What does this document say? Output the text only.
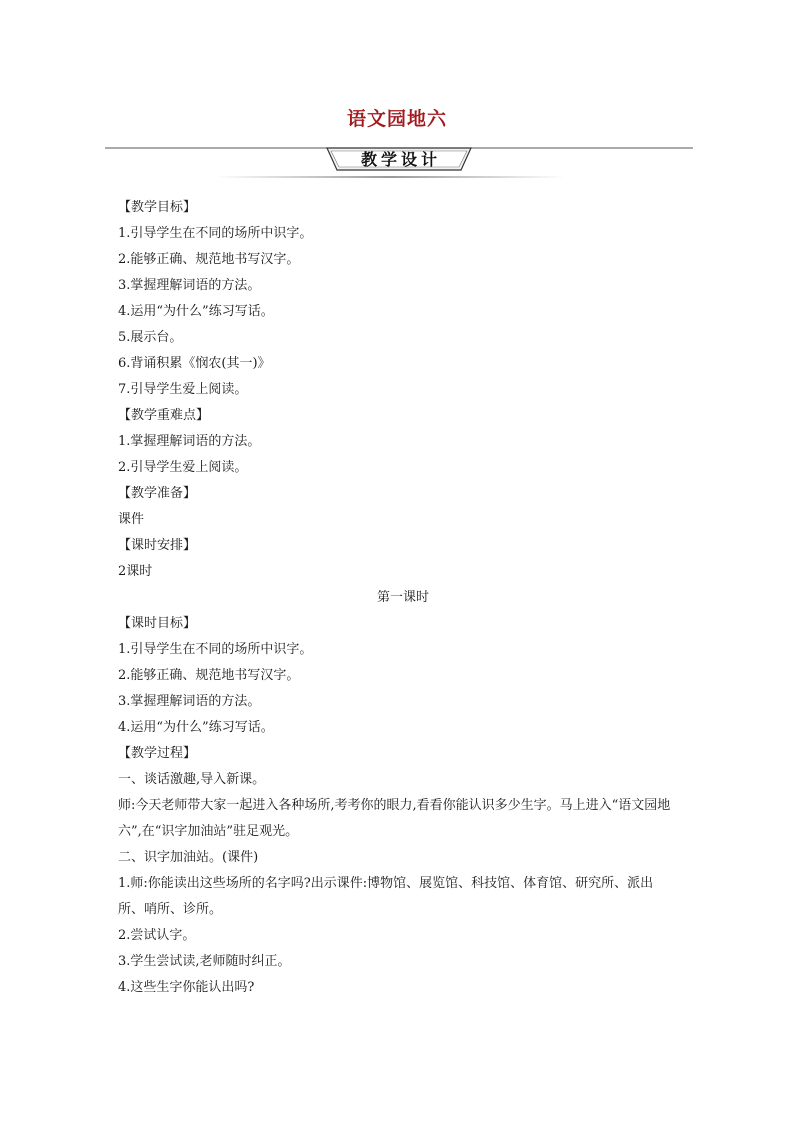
语文园地六
教学设计
【教学目标】
1.引导学生在不同的场所中识字。
2.能够正确、规范地书写汉字。
3.掌握理解词语的方法。
4.运用“为什么”练习写话。
5.展示台。
6.背诵积累《悯农(其一)》
7.引导学生爱上阅读。
【教学重难点】
1.掌握理解词语的方法。
2.引导学生爱上阅读。
【教学准备】
课件
【课时安排】
2课时
第一课时
【课时目标】
1.引导学生在不同的场所中识字。
2.能够正确、规范地书写汉字。
3.掌握理解词语的方法。
4.运用“为什么”练习写话。
【教学过程】
一、谈话激趣,导入新课。
师:今天老师带大家一起进入各种场所,考考你的眼力,看看你能认识多少生字。马上进入“语文园地六”,在“识字加油站”驻足观光。
二、识字加油站。(课件)
1.师:你能读出这些场所的名字吗?出示课件:博物馆、展览馆、科技馆、体育馆、研究所、派出所、哨所、诊所。
2.尝试认字。
3.学生尝试读,老师随时纠正。
4.这些生字你能认出吗?
